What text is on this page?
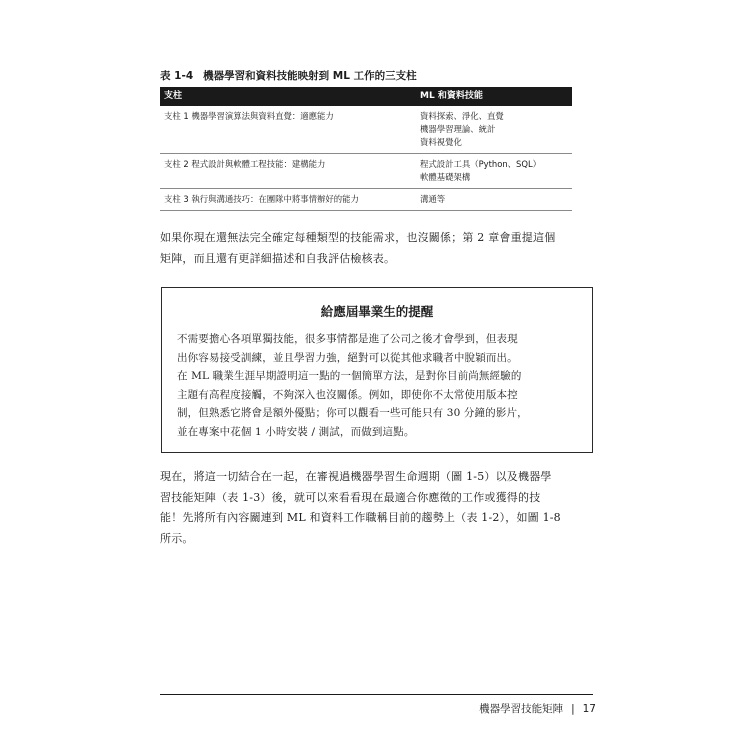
表 1-4 機器學習和資料技能映射到 ML 工作的三支柱
支柱	ML 和資料技能
支柱 1 機器學習演算法與資料直覺：適應能力	資料探索、淨化、直覺
機器學習理論、統計
資料視覺化

支柱 2 程式設計與軟體工程技能：建構能力	程式設計工具（Python、SQL）
軟體基礎架構

支柱 3 執行與溝通技巧：在團隊中將事情辦好的能力	溝通等
如果你現在還無法完全確定每種類型的技能需求，也沒關係；第 2 章會重提這個
矩陣，而且還有更詳細描述和自我評估檢核表。
給應屆畢業生的提醒
不需要擔心各項單獨技能，很多事情都是進了公司之後才會學到，但表現
出你容易接受訓練，並且學習力強，絕對可以從其他求職者中脫穎而出。
在 ML 職業生涯早期證明這一點的一個簡單方法，是對你目前尚無經驗的
主題有高程度接觸，不夠深入也沒關係。例如，即使你不太常使用版本控
制，但熟悉它將會是額外優點；你可以觀看一些可能只有 30 分鐘的影片，
並在專案中花個 1 小時安裝 / 測試，而做到這點。
現在，將這一切結合在一起，在審視過機器學習生命週期（圖 1-5）以及機器學
習技能矩陣（表 1-3）後，就可以來看看現在最適合你應徵的工作或獲得的技
能！先將所有內容關連到 ML 和資料工作職稱目前的趨勢上（表 1-2），如圖 1-8
所示。
機器學習技能矩陣 | 17
